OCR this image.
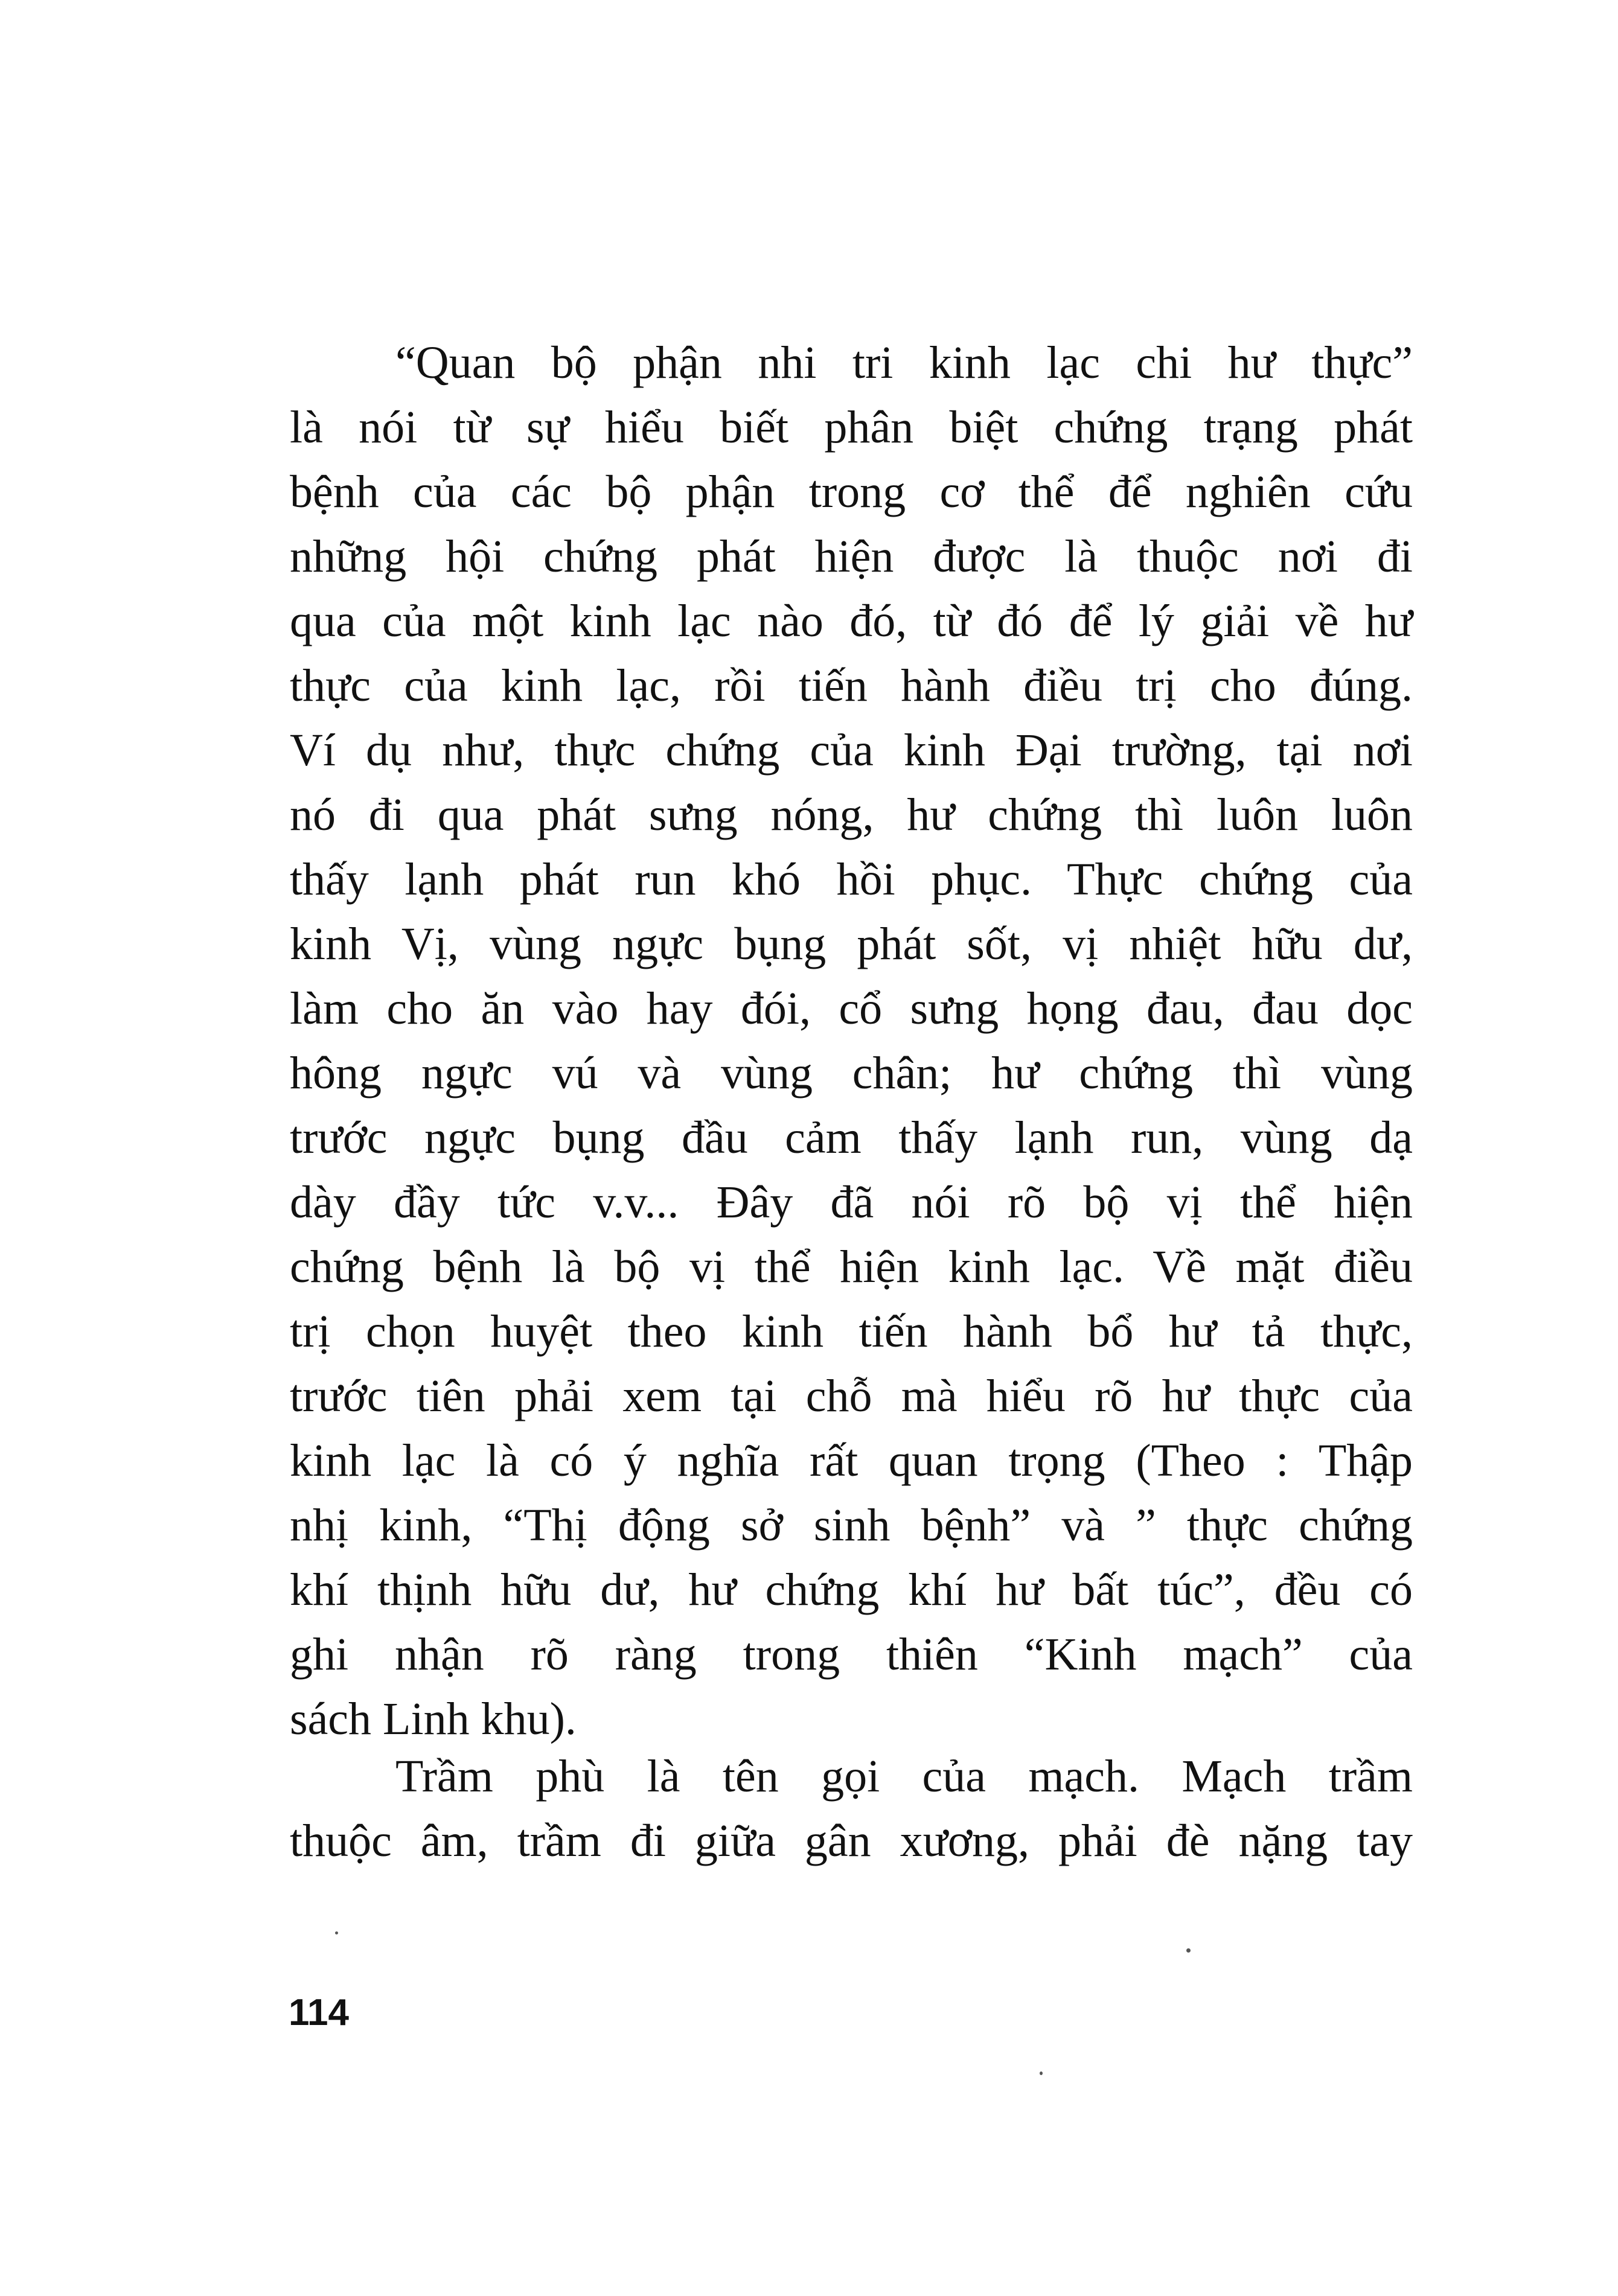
“Quan bộ phận nhi tri kinh lạc chi hư thực”
là nói từ sự hiểu biết phân biệt chứng trạng phát
bệnh của các bộ phận trong cơ thể để nghiên cứu
những hội chứng phát hiện được là thuộc nơi đi
qua của một kinh lạc nào đó, từ đó để lý giải về hư
thực của kinh lạc, rồi tiến hành điều trị cho đúng.
Ví dụ như, thực chứng của kinh Đại trường, tại nơi
nó đi qua phát sưng nóng, hư chứng thì luôn luôn
thấy lạnh phát run khó hồi phục. Thực chứng của
kinh Vị, vùng ngực bụng phát sốt, vị nhiệt hữu dư,
làm cho ăn vào hay đói, cổ sưng họng đau, đau dọc
hông ngực vú và vùng chân; hư chứng thì vùng
trước ngực bụng đầu cảm thấy lạnh run, vùng dạ
dày đầy tức v.v... Đây đã nói rõ bộ vị thể hiện
chứng bệnh là bộ vị thể hiện kinh lạc. Về mặt điều
trị chọn huyệt theo kinh tiến hành bổ hư tả thực,
trước tiên phải xem tại chỗ mà hiểu rõ hư thực của
kinh lạc là có ý nghĩa rất quan trọng (Theo : Thập
nhị kinh, “Thị động sở sinh bệnh” và ” thực chứng
khí thịnh hữu dư, hư chứng khí hư bất túc”, đều có
ghi nhận rõ ràng trong thiên “Kinh mạch” của
sách Linh khu).
Trầm phù là tên gọi của mạch. Mạch trầm
thuộc âm, trầm đi giữa gân xương, phải đè nặng tay
114
